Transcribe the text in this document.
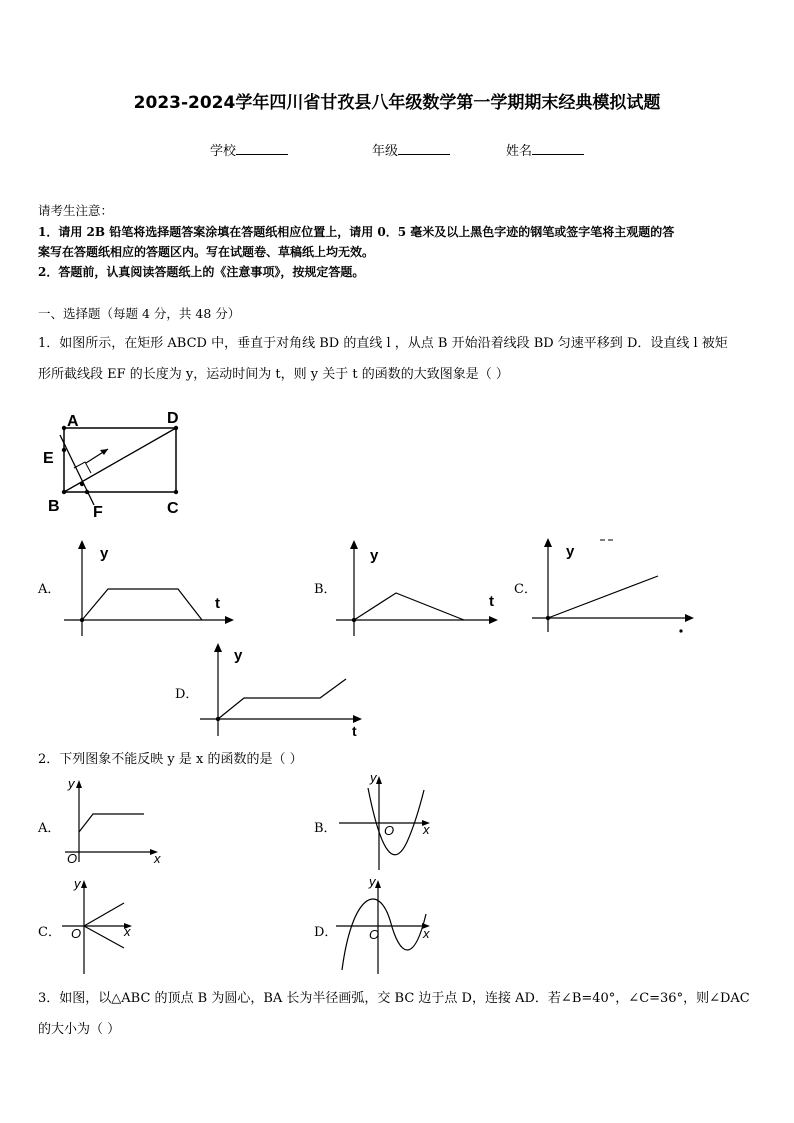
2023-2024学年四川省甘孜县八年级数学第一学期期末经典模拟试题
学校	年级	姓名
请考生注意：
1．请用 2B 铅笔将选择题答案涂填在答题纸相应位置上，请用 0．5 毫米及以上黑色字迹的钢笔或签字笔将主观题的答
案写在答题纸相应的答题区内。写在试题卷、草稿纸上均无效。
2．答题前，认真阅读答题纸上的《注意事项》，按规定答题。
一、选择题（每题 4 分，共 48 分）
1．如图所示，在矩形 ABCD 中，垂直于对角线 BD 的直线 l ，从点 B 开始沿着线段 BD 匀速平移到 D．设直线 l 被矩
形所截线段 EF 的长度为 y，运动时间为 t，则 y 关于 t 的函数的大致图象是（ ）
A	D
E
B F	C
A．
y
t
B．
y
t
C．
y
D．
y
t
2．下列图象不能反映 y 是 x 的函数的是（ ）
A．
y
O	x
B．
y
O x
C．
y
O	x	D．
y
O	x
3．如图，以△ABC 的顶点 B 为圆心，BA 长为半径画弧，交 BC 边于点 D，连接 AD．若∠B=40°，∠C=36°，则∠DAC
的大小为（ ）
